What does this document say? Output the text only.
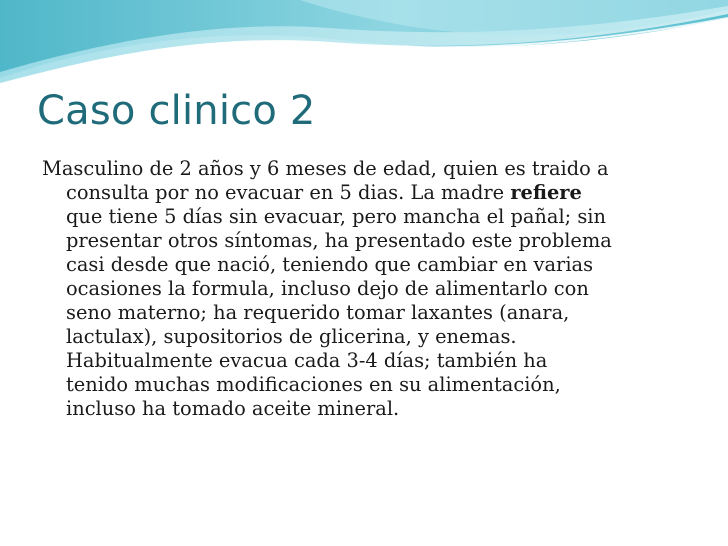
Caso clinico 2
Masculino de 2 años y 6 meses de edad, quien es traido a
consulta por no evacuar en 5 dias. La madre refiere
que tiene 5 días sin evacuar, pero mancha el pañal; sin
presentar otros síntomas, ha presentado este problema
casi desde que nació, teniendo que cambiar en varias
ocasiones la formula, incluso dejo de alimentarlo con
seno materno; ha requerido tomar laxantes (anara,
lactulax), supositorios de glicerina, y enemas.
Habitualmente evacua cada 3-4 días; también ha
tenido muchas modificaciones en su alimentación,
incluso ha tomado aceite mineral.
